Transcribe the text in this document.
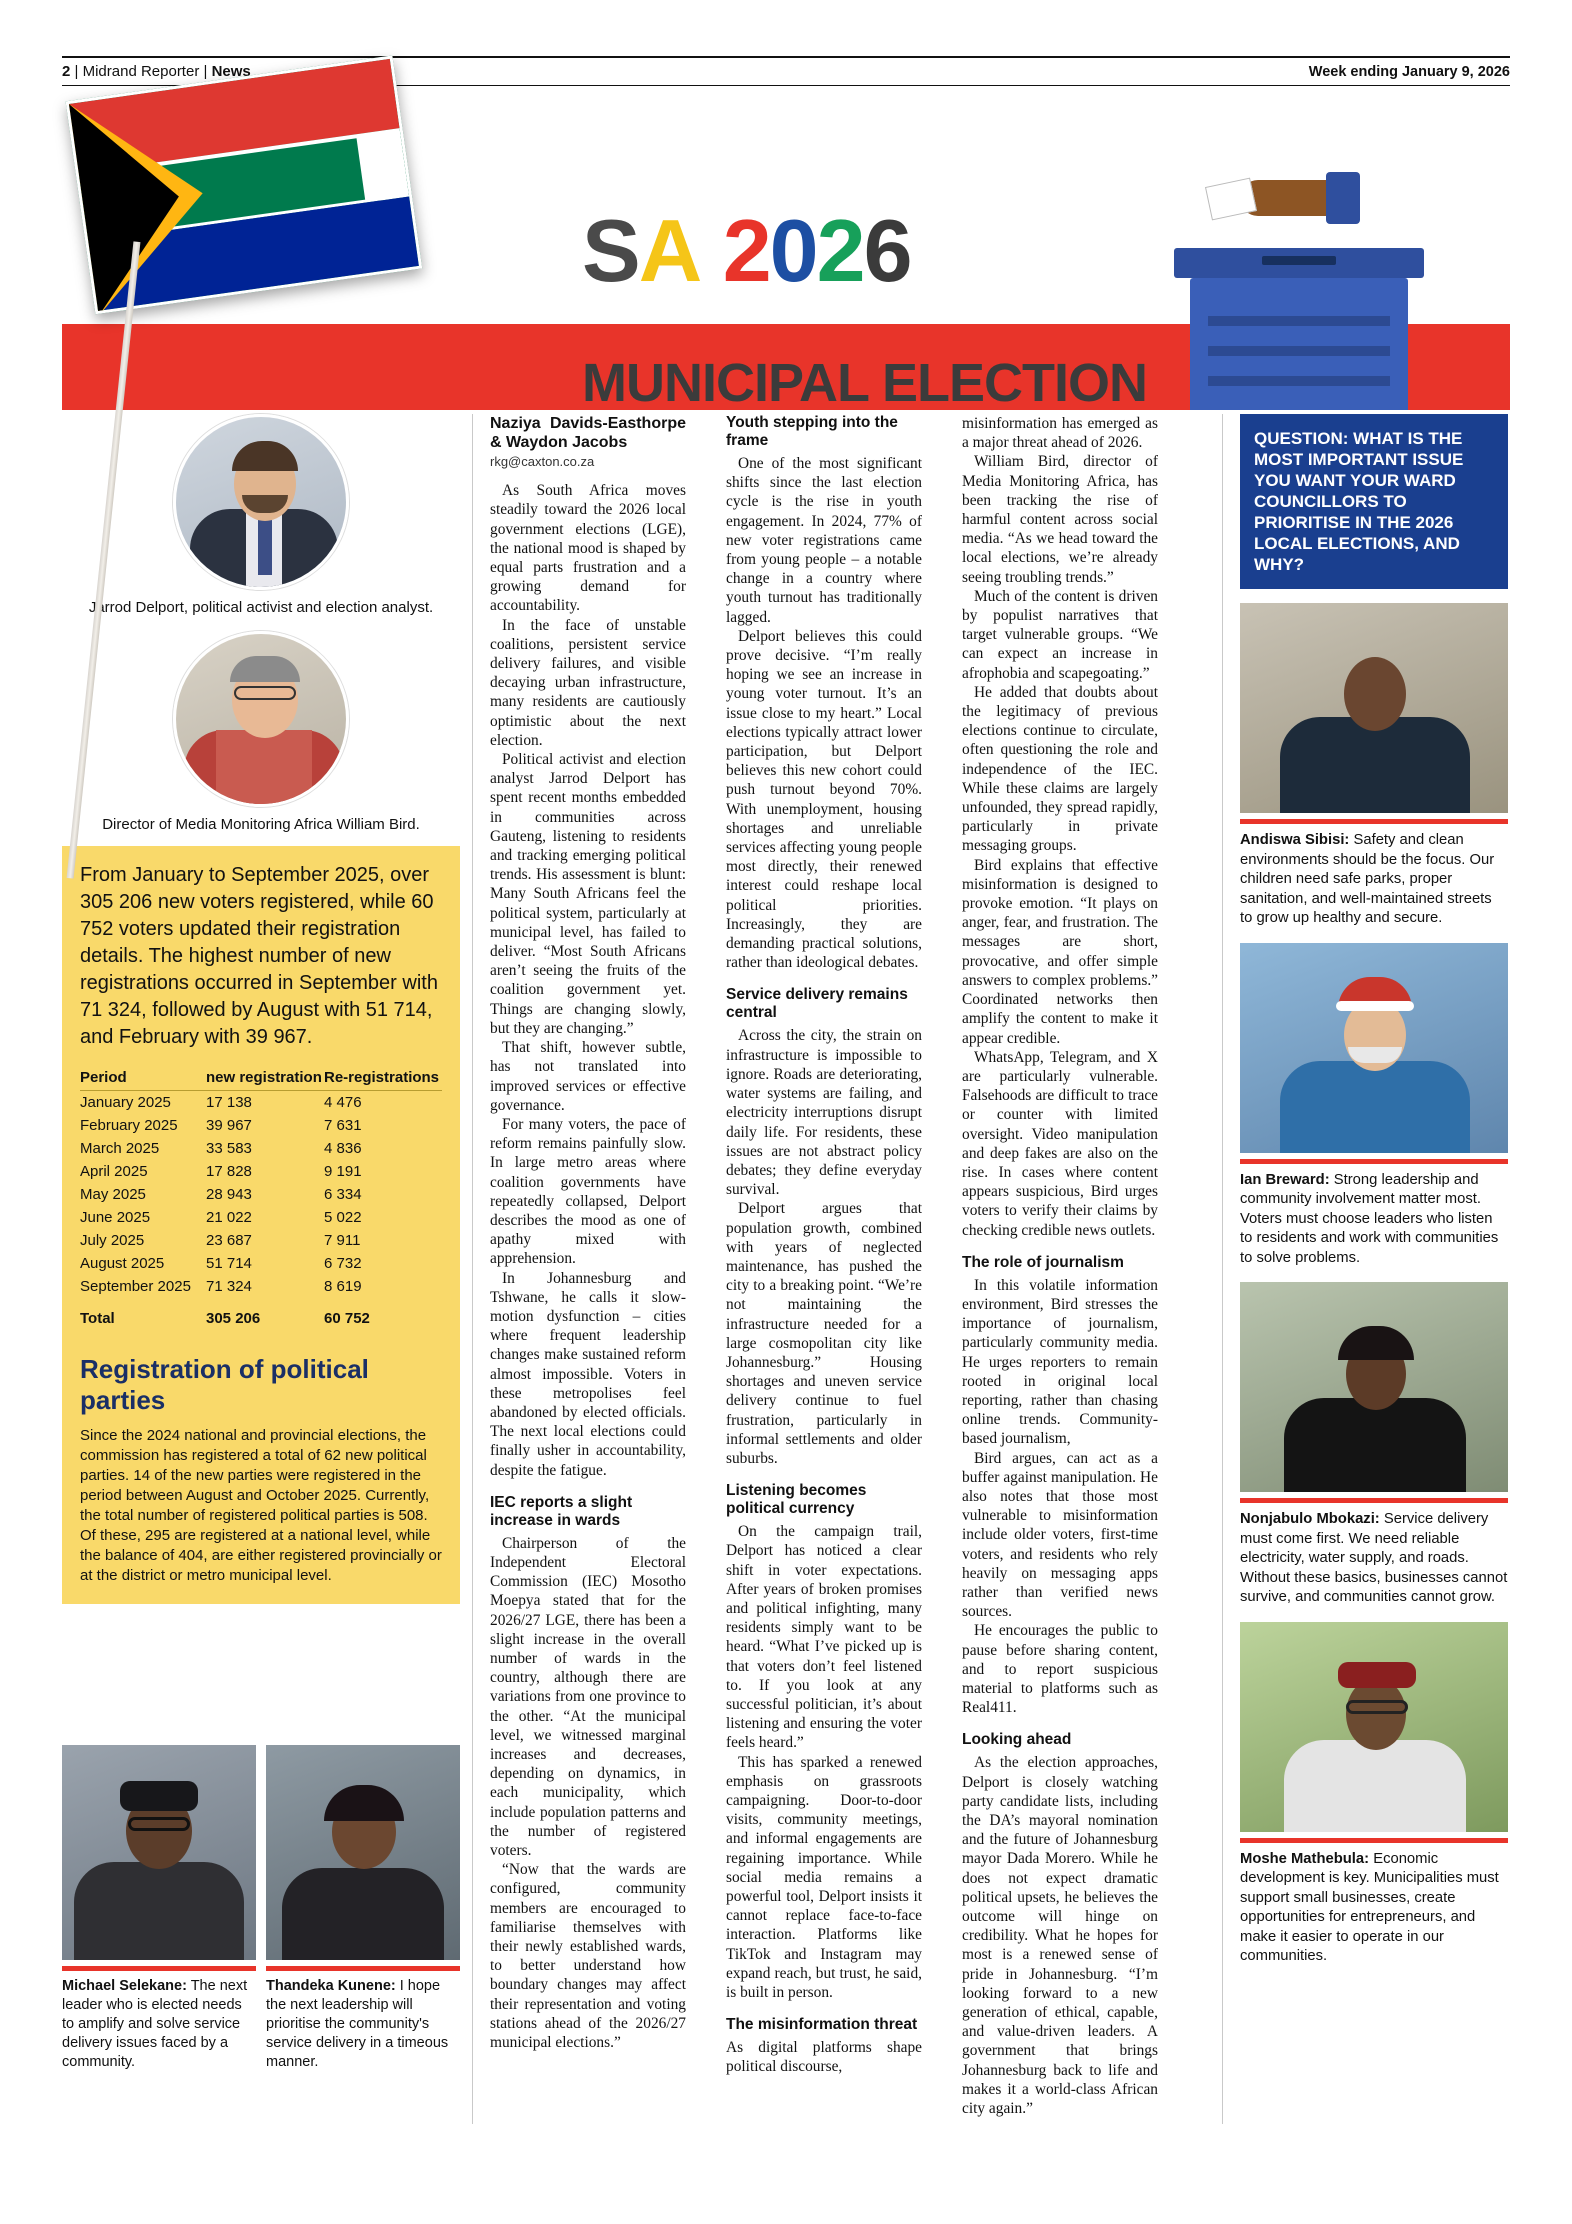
2 | Midrand Reporter | News	Week ending January 9, 2026
SA 2026
MUNICIPAL ELECTION
Jarrod Delport, political activist and election analyst.
Director of Media Monitoring Africa William Bird.

From January to September 2025, over 305 206 new voters registered, while 60 752 voters updated their registration details. The highest number of new registrations occurred in September with 71 324, followed by August with 51 714, and February with 39 967.

Period	new registration	Re-registrations
January 2025	17 138	4 476
February 2025	39 967	7 631
March 2025	33 583	4 836
April 2025	17 828	9 191
May 2025	28 943	6 334
June 2025	21 022	5 022
July 2025	23 687	7 911
August 2025	51 714	6 732
September 2025	71 324	8 619
Total	305 206	60 752
Registration of political parties

Since the 2024 national and provincial elections, the commission has registered a total of 62 new political parties. 14 of the new parties were registered in the period between August and October 2025. Currently, the total number of registered political parties is 508. Of these, 295 are registered at a national level, while the balance of 404, are either registered provincially or at the district or metro municipal level.

Michael Selekane: The next leader who is elected needs to amplify and solve service delivery issues faced by a community.
Thandeka Kunene: I hope the next leadership will prioritise the community's service delivery in a timeous manner.
Naziya Davids-Easthorpe & Waydon Jacobs
rkg@caxton.co.za

As South Africa moves steadily toward the 2026 local government elections (LGE), the national mood is shaped by equal parts frustration and a growing demand for accountability.

In the face of unstable coalitions, persistent service delivery failures, and visible decaying urban infrastructure, many residents are cautiously optimistic about the next election.

Political activist and election analyst Jarrod Delport has spent recent months embedded in communities across Gauteng, listening to residents and tracking emerging political trends. His assessment is blunt: Many South Africans feel the political system, particularly at municipal level, has failed to deliver. “Most South Africans aren’t seeing the fruits of the coalition government yet. Things are changing slowly, but they are changing.”

That shift, however subtle, has not translated into improved services or effective governance.

For many voters, the pace of reform remains painfully slow. In large metro areas where coalition governments have repeatedly collapsed, Delport describes the mood as one of apathy mixed with apprehension.

In Johannesburg and Tshwane, he calls it slow-motion dysfunction – cities where frequent leadership changes make sustained reform almost impossible. Voters in these metropolises feel abandoned by elected officials. The next local elections could finally usher in accountability, despite the fatigue.

IEC reports a slight increase in wards

Chairperson of the Independent Electoral Commission (IEC) Mosotho Moepya stated that for the 2026/27 LGE, there has been a slight increase in the overall number of wards in the country, although there are variations from one province to the other. “At the municipal level, we witnessed marginal increases and decreases, depending on dynamics, in each municipality, which include population patterns and the number of registered voters.

“Now that the wards are configured, community members are encouraged to familiarise themselves with their newly established wards, to better understand how boundary changes may affect their representation and voting stations ahead of the 2026/27 municipal elections.”

Youth stepping into the frame

One of the most significant shifts since the last election cycle is the rise in youth engagement. In 2024, 77% of new voter registrations came from young people – a notable change in a country where youth turnout has traditionally lagged.

Delport believes this could prove decisive. “I’m really hoping we see an increase in young voter turnout. It’s an issue close to my heart.” Local elections typically attract lower participation, but Delport believes this new cohort could push turnout beyond 70%. With unemployment, housing shortages and unreliable services affecting young people most directly, their renewed interest could reshape local political priorities. Increasingly, they are demanding practical solutions, rather than ideological debates.

Service delivery remains central

Across the city, the strain on infrastructure is impossible to ignore. Roads are deteriorating, water systems are failing, and electricity interruptions disrupt daily life. For residents, these issues are not abstract policy debates; they define everyday survival.

Delport argues that population growth, combined with years of neglected maintenance, has pushed the city to a breaking point. “We’re not maintaining the infrastructure needed for a large cosmopolitan city like Johannesburg.” Housing shortages and uneven service delivery continue to fuel frustration, particularly in informal settlements and older suburbs.

Listening becomes political currency

On the campaign trail, Delport has noticed a clear shift in voter expectations. After years of broken promises and political infighting, many residents simply want to be heard. “What I’ve picked up is that voters don’t feel listened to. If you look at any successful politician, it’s about listening and ensuring the voter feels heard.”

This has sparked a renewed emphasis on grassroots campaigning. Door-to-door visits, community meetings, and informal engagements are regaining importance. While social media remains a powerful tool, Delport insists it cannot replace face-to-face interaction. Platforms like TikTok and Instagram may expand reach, but trust, he said, is built in person.

The misinformation threat

As digital platforms shape political discourse,

misinformation has emerged as a major threat ahead of 2026.

William Bird, director of Media Monitoring Africa, has been tracking the rise of harmful content across social media. “As we head toward the local elections, we’re already seeing troubling trends.”

Much of the content is driven by populist narratives that target vulnerable groups. “We can expect an increase in afrophobia and scapegoating.”

He added that doubts about the legitimacy of previous elections continue to circulate, often questioning the role and independence of the IEC. While these claims are largely unfounded, they spread rapidly, particularly in private messaging groups.

Bird explains that effective misinformation is designed to provoke emotion. “It plays on anger, fear, and frustration. The messages are short, provocative, and offer simple answers to complex problems.” Coordinated networks then amplify the content to make it appear credible.

WhatsApp, Telegram, and X are particularly vulnerable. Falsehoods are difficult to trace or counter with limited oversight. Video manipulation and deep fakes are also on the rise. In cases where content appears suspicious, Bird urges voters to verify their claims by checking credible news outlets.

The role of journalism

In this volatile information environment, Bird stresses the importance of journalism, particularly community media. He urges reporters to remain rooted in original local reporting, rather than chasing online trends. Community-based journalism,

Bird argues, can act as a buffer against manipulation. He also notes that those most vulnerable to misinformation include older voters, first-time voters, and residents who rely heavily on messaging apps rather than verified news sources.

He encourages the public to pause before sharing content, and to report suspicious material to platforms such as Real411.

Looking ahead

As the election approaches, Delport is closely watching party candidate lists, including the DA’s mayoral nomination and the future of Johannesburg mayor Dada Morero. While he does not expect dramatic political upsets, he believes the outcome will hinge on credibility. What he hopes for most is a renewed sense of pride in Johannesburg. “I’m looking forward to a new generation of ethical, capable, and value-driven leaders. A government that brings Johannesburg back to life and makes it a world-class African city again.”

QUESTION: WHAT IS THE MOST IMPORTANT ISSUE YOU WANT YOUR WARD COUNCILLORS TO PRIORITISE IN THE 2026 LOCAL ELECTIONS, AND WHY?
Andiswa Sibisi: Safety and clean environments should be the focus. Our children need safe parks, proper sanitation, and well-maintained streets to grow up healthy and secure.
Ian Breward: Strong leadership and community involvement matter most. Voters must choose leaders who listen to residents and work with communities to solve problems.
Nonjabulo Mbokazi: Service delivery must come first. We need reliable electricity, water supply, and roads. Without these basics, businesses cannot survive, and communities cannot grow.
Moshe Mathebula: Economic development is key. Municipalities must support small businesses, create opportunities for entrepreneurs, and make it easier to operate in our communities.
